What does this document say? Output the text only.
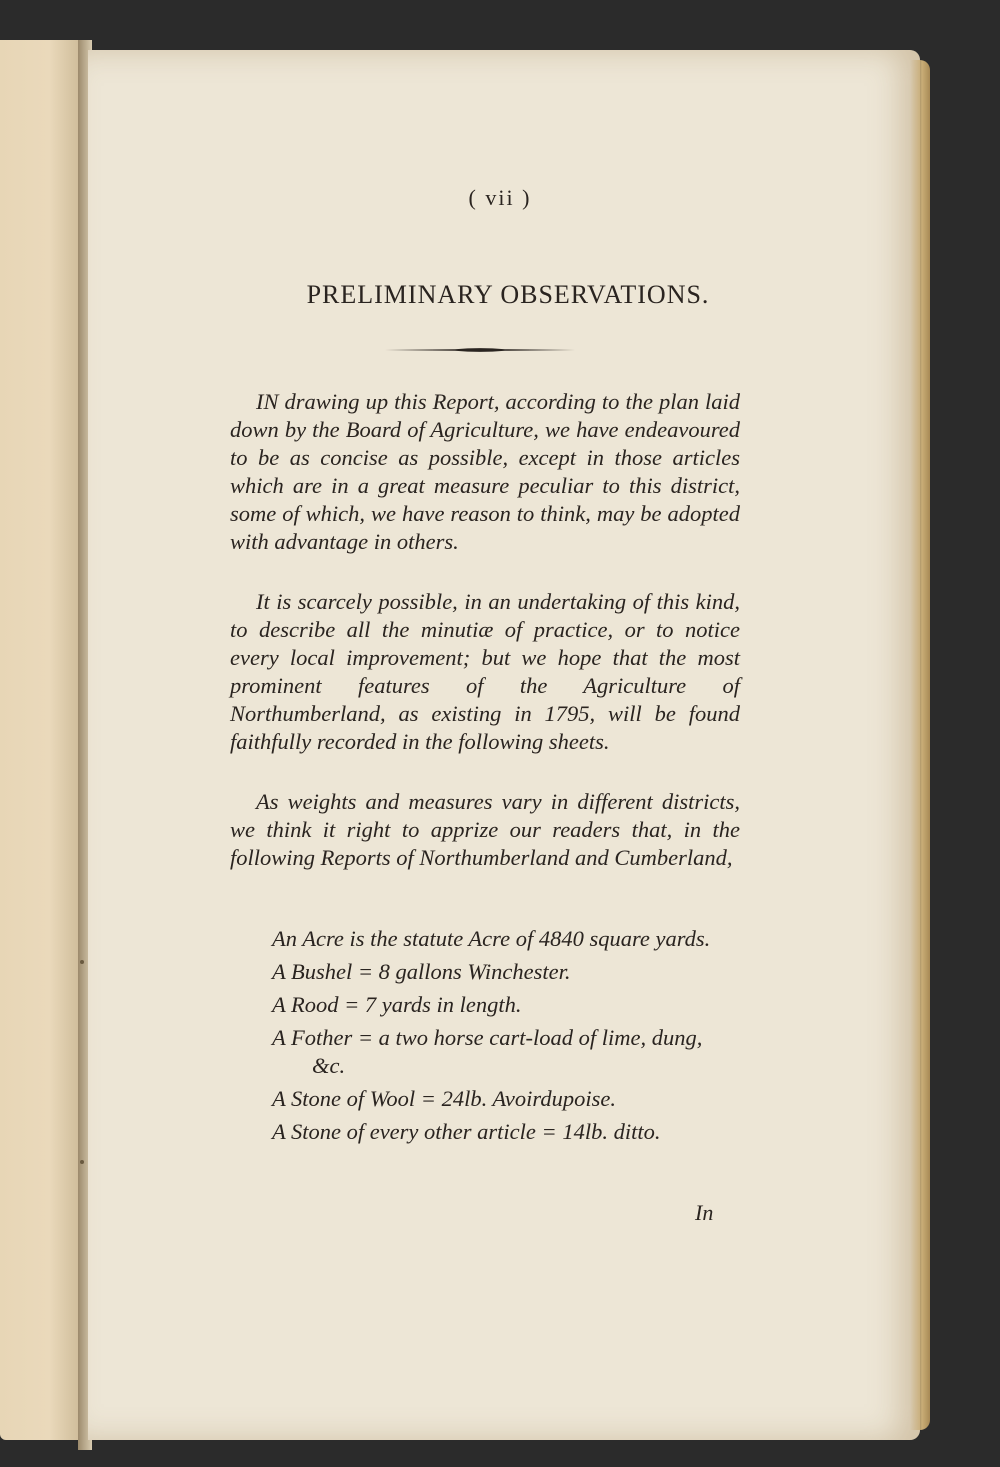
( vii )
PRELIMINARY OBSERVATIONS.
IN drawing up this Report, according to the plan laid down by the Board of Agriculture, we have endeavoured to be as concise as possible, except in those articles which are in a great measure peculiar to this district, some of which, we have reason to think, may be adopted with advantage in others.
It is scarcely possible, in an undertaking of this kind, to describe all the minutiæ of practice, or to notice every local improvement; but we hope that the most prominent features of the Agriculture of Northumberland, as existing in 1795, will be found faithfully recorded in the following sheets.
As weights and measures vary in different districts, we think it right to apprize our readers that, in the following Reports of Northumberland and Cumberland,
An Acre is the statute Acre of 4840 square yards.
A Bushel = 8 gallons Winchester.
A Rood = 7 yards in length.
A Fother = a two horse cart-load of lime, dung, &c.
A Stone of Wool = 24lb. Avoirdupoise.
A Stone of every other article = 14lb. ditto.
In
